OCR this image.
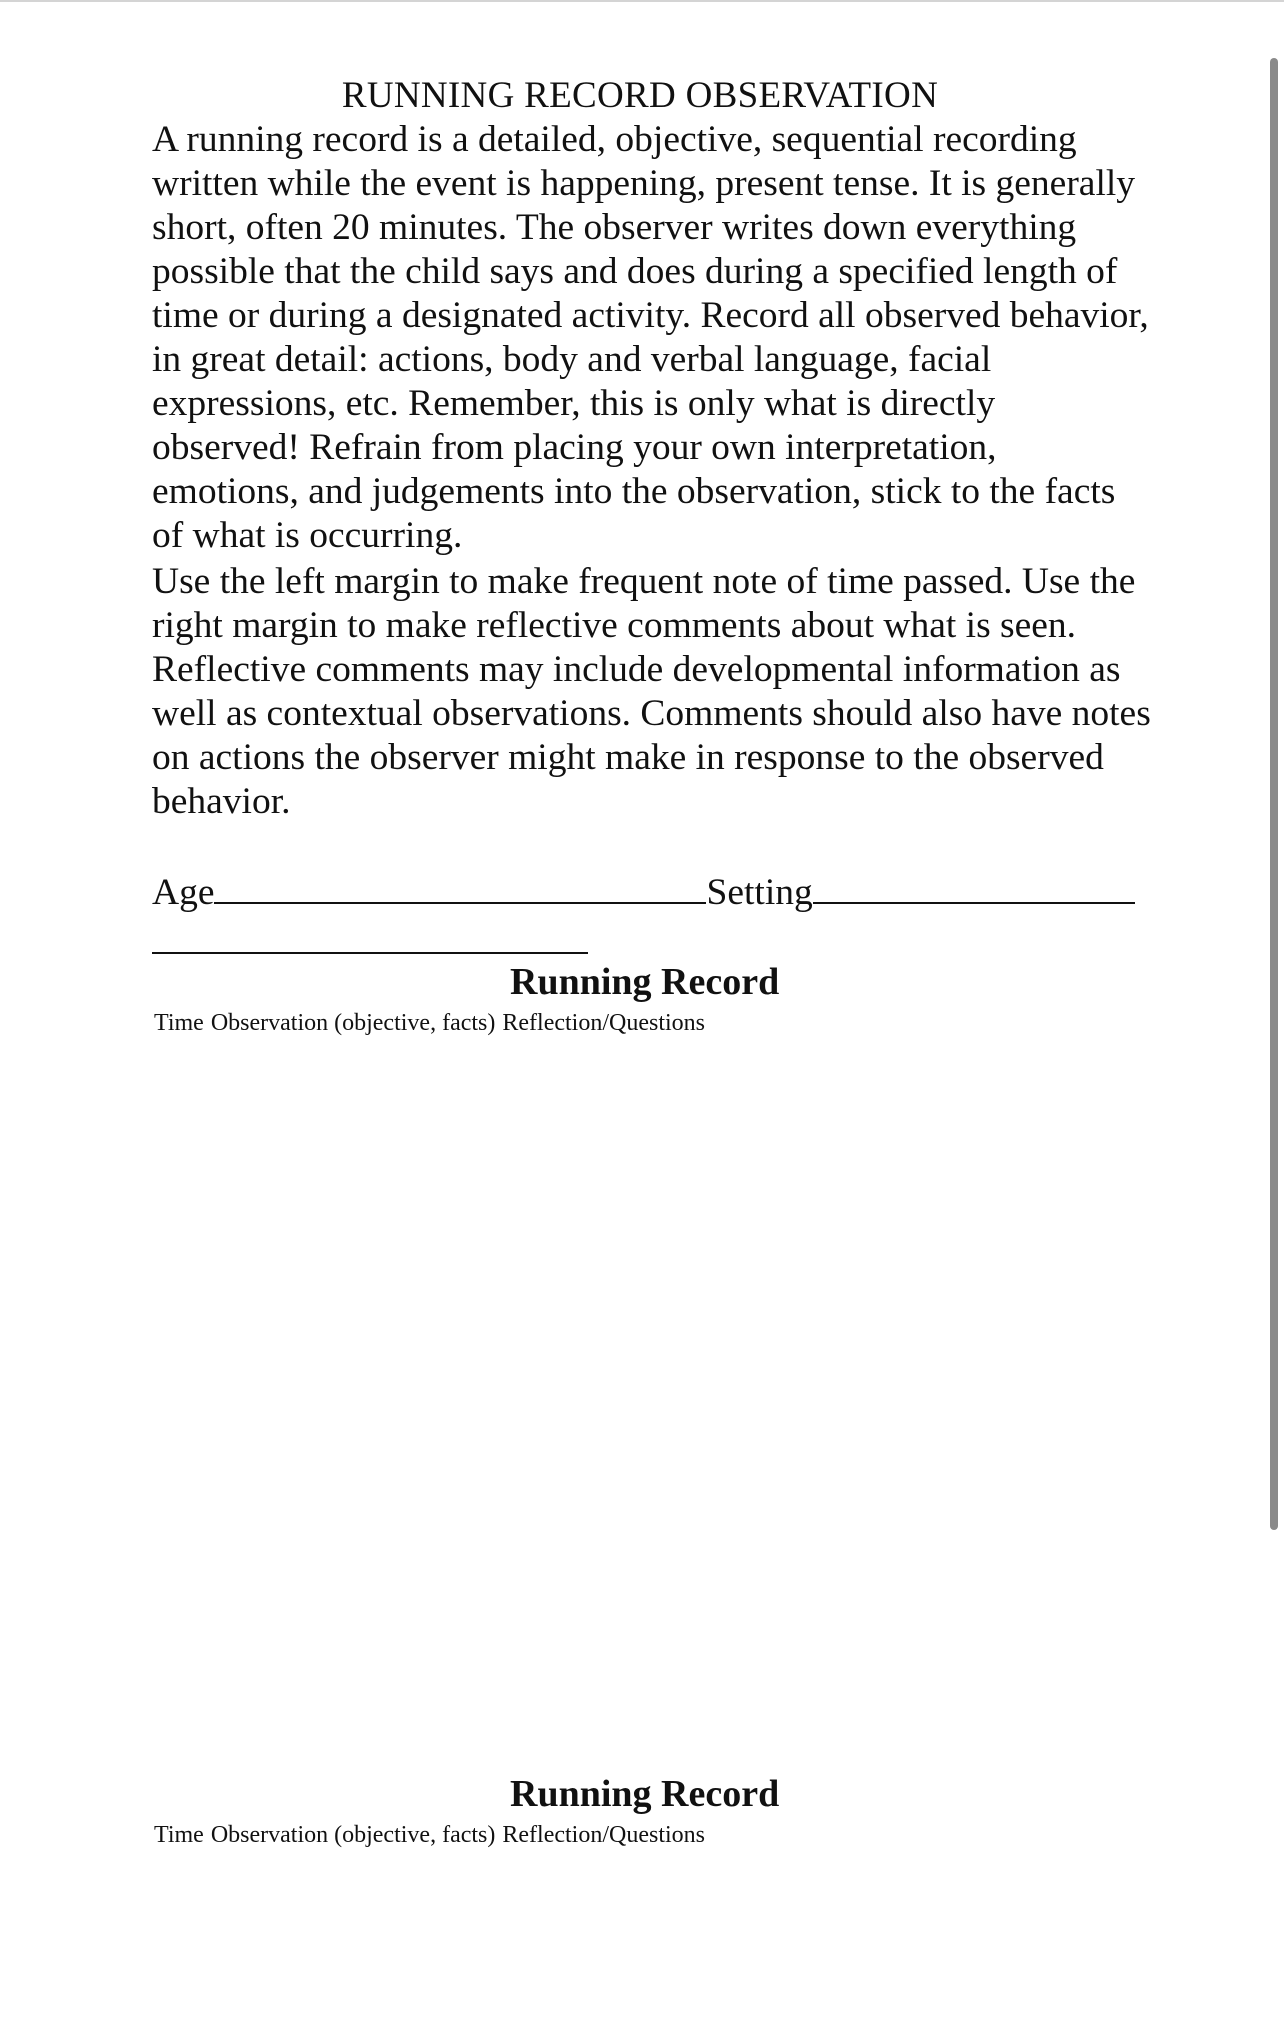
RUNNING RECORD OBSERVATION
A running record is a detailed, objective, sequential recording written while the event is happening, present tense. It is generally short, often 20 minutes. The observer writes down everything possible that the child says and does during a specified length of time or during a designated activity. Record all observed behavior, in great detail: actions, body and verbal language, facial expressions, etc. Remember, this is only what is directly observed! Refrain from placing your own interpretation, emotions, and judgements into the observation, stick to the facts of what is occurring.
Use the left margin to make frequent note of time passed. Use the right margin to make reflective comments about what is seen. Reflective comments may include developmental information as well as contextual observations. Comments should also have notes on actions the observer might make in response to the observed behavior.
Age	Setting
Running Record
Time Observation (objective, facts) Reflection/Questions
Running Record
Time Observation (objective, facts) Reflection/Questions
